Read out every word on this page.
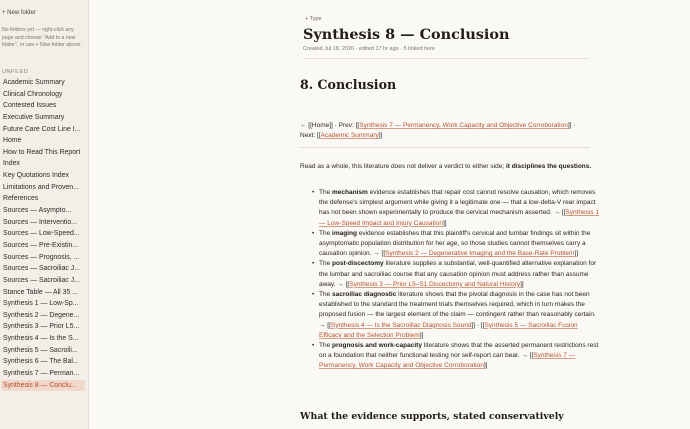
+ New folder
No folders yet — right-click any page and choose "Add to a new folder", or use + New folder above.
UNFILED
Academic Summary
Clinical Chronology
Contested Issues
Executive Summary
Future Care Cost Line I...
Home
How to Read This Report
Index
Key Quotations Index
Limitations and Proven...
References
Sources — Asympto...
Sources — Interventio...
Sources — Low-Speed...
Sources — Pre-Existin...
Sources — Prognosis, ...
Sources — Sacroiliac J...
Sources — Sacroiliac J...
Stance Table — All 35 ...
Synthesis 1 — Low-Sp...
Synthesis 2 — Degene...
Synthesis 3 — Prior L5...
Synthesis 4 — Is the S...
Synthesis 5 — Sacroili...
Synthesis 6 — The Bal...
Synthesis 7 — Perman...
Synthesis 8 — Conclu...
+ Type
Synthesis 8 — Conclusion
Created Jul 18, 2026 · edited 17 hr ago · 5 linked here
8. Conclusion

← [[Home]] · Prev: [[Synthesis 7 — Permanency, Work Capacity and Objective Corroboration]] · Next: [[Academic Summary]]

Read as a whole, this literature does not deliver a verdict to either side; it disciplines the questions.

• The mechanism evidence establishes that repair cost cannot resolve causation, which removes the defense's simplest argument while giving it a legitimate one — that a low-delta-V rear impact has not been shown experimentally to produce the cervical mechanism asserted. → [[Synthesis 1 — Low-Speed Impact and Injury Causation]]
• The imaging evidence establishes that this plaintiff's cervical and lumbar findings sit within the asymptomatic population distribution for her age, so those studies cannot themselves carry a causation opinion. → [[Synthesis 2 — Degenerative Imaging and the Base-Rate Problem]]
• The post-discectomy literature supplies a substantial, well-quantified alternative explanation for the lumbar and sacroiliac course that any causation opinion must address rather than assume away. → [[Synthesis 3 — Prior L5–S1 Discectomy and Natural History]]
• The sacroiliac diagnostic literature shows that the pivotal diagnosis in the case has not been established to the standard the treatment trials themselves required, which in turn makes the proposed fusion — the largest element of the claim — contingent rather than reasonably certain. → [[Synthesis 4 — Is the Sacroiliac Diagnosis Sound]] · [[Synthesis 5 — Sacroiliac Fusion Efficacy and the Selection Problem]]
• The prognosis and work-capacity literature shows that the asserted permanent restrictions rest on a foundation that neither functional testing nor self-report can bear. → [[Synthesis 7 — Permanency, Work Capacity and Objective Corroboration]]
What the evidence supports, stated conservatively
